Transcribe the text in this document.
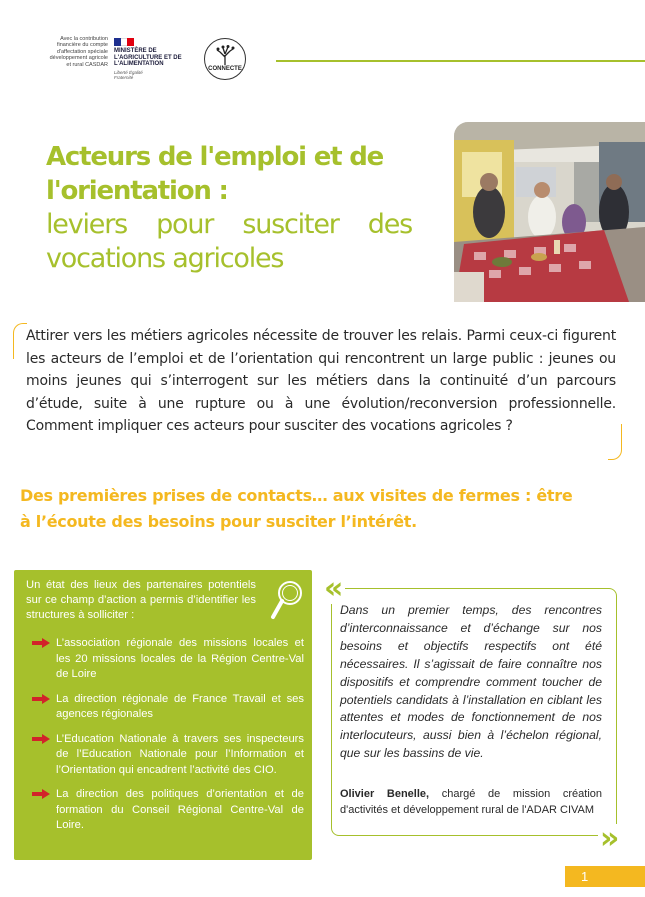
Avec la contribution financière du compte d'affectation spéciale développement agricole et rural CASDAR
MINISTÈRE DE L'AGRICULTURE ET DE L'ALIMENTATION
Liberté Égalité Fraternité
CONNECTE
Acteurs de l'emploi et de l'orientation :
leviers pour susciter des vocations agricoles

Attirer vers les métiers agricoles nécessite de trouver les relais. Parmi ceux-ci figurent les acteurs de l’emploi et de l’orientation qui rencontrent un large public : jeunes ou moins jeunes qui s’interrogent sur les métiers dans la continuité d’un parcours d’étude, suite à une rupture ou à une évolution/reconversion professionnelle. Comment impliquer ces acteurs pour susciter des vocations agricoles ?

Des premières prises de contacts… aux visites de fermes : être à l’écoute des besoins pour susciter l’intérêt.

Un état des lieux des partenaires potentiels sur ce champ d’action a permis d’identifier les structures à solliciter :

L’association régionale des missions locales et les 20 missions locales de la Région Centre-Val de Loire
La direction régionale de France Travail et ses agences régionales
L’Education Nationale à travers ses inspecteurs de l’Education Nationale pour l’Information et l’Orientation qui encadrent l’activité des CIO.
La direction des politiques d’orientation et de formation du Conseil Régional Centre-Val de Loire.
«

Dans un premier temps, des rencontres d’interconnaissance et d’échange sur nos besoins et objectifs respectifs ont été nécessaires. Il s’agissait de faire connaître nos dispositifs et comprendre comment toucher de potentiels candidats à l’installation en ciblant les attentes et modes de fonctionnement de nos interlocuteurs, aussi bien à l’échelon régional, que sur les bassins de vie.

Olivier Benelle, chargé de mission création d'activités et développement rural de l'ADAR CIVAM

»
1
